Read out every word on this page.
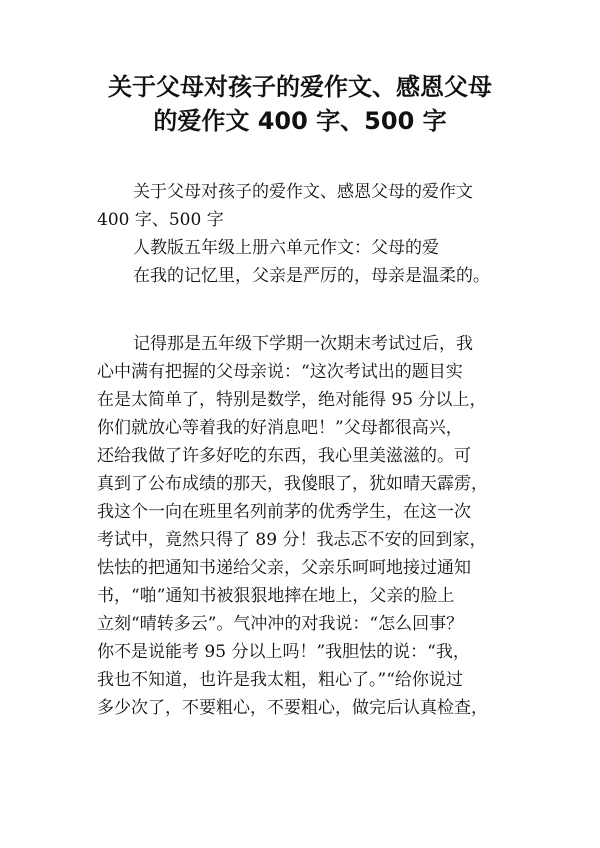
关于父母对孩子的爱作文、感恩父母
的爱作文 400 字、500 字
关于父母对孩子的爱作文、感恩父母的爱作文
400 字、500 字
人教版五年级上册六单元作文：父母的爱
在我的记忆里，父亲是严厉的，母亲是温柔的。
记得那是五年级下学期一次期末考试过后，我
心中满有把握的父母亲说：“这次考试出的题目实
在是太简单了，特别是数学，绝对能得 95 分以上，
你们就放心等着我的好消息吧！”父母都很高兴，
还给我做了许多好吃的东西，我心里美滋滋的。可
真到了公布成绩的那天，我傻眼了，犹如晴天霹雳，
我这个一向在班里名列前茅的优秀学生，在这一次
考试中，竟然只得了 89 分！我忐忑不安的回到家，
怯怯的把通知书递给父亲，父亲乐呵呵地接过通知
书，“啪”通知书被狠狠地摔在地上，父亲的脸上
立刻“晴转多云”。气冲冲的对我说：“怎么回事？
你不是说能考 95 分以上吗！”我胆怯的说：“我，
我也不知道，也许是我太粗，粗心了。”“给你说过
多少次了，不要粗心，不要粗心，做完后认真检查，
